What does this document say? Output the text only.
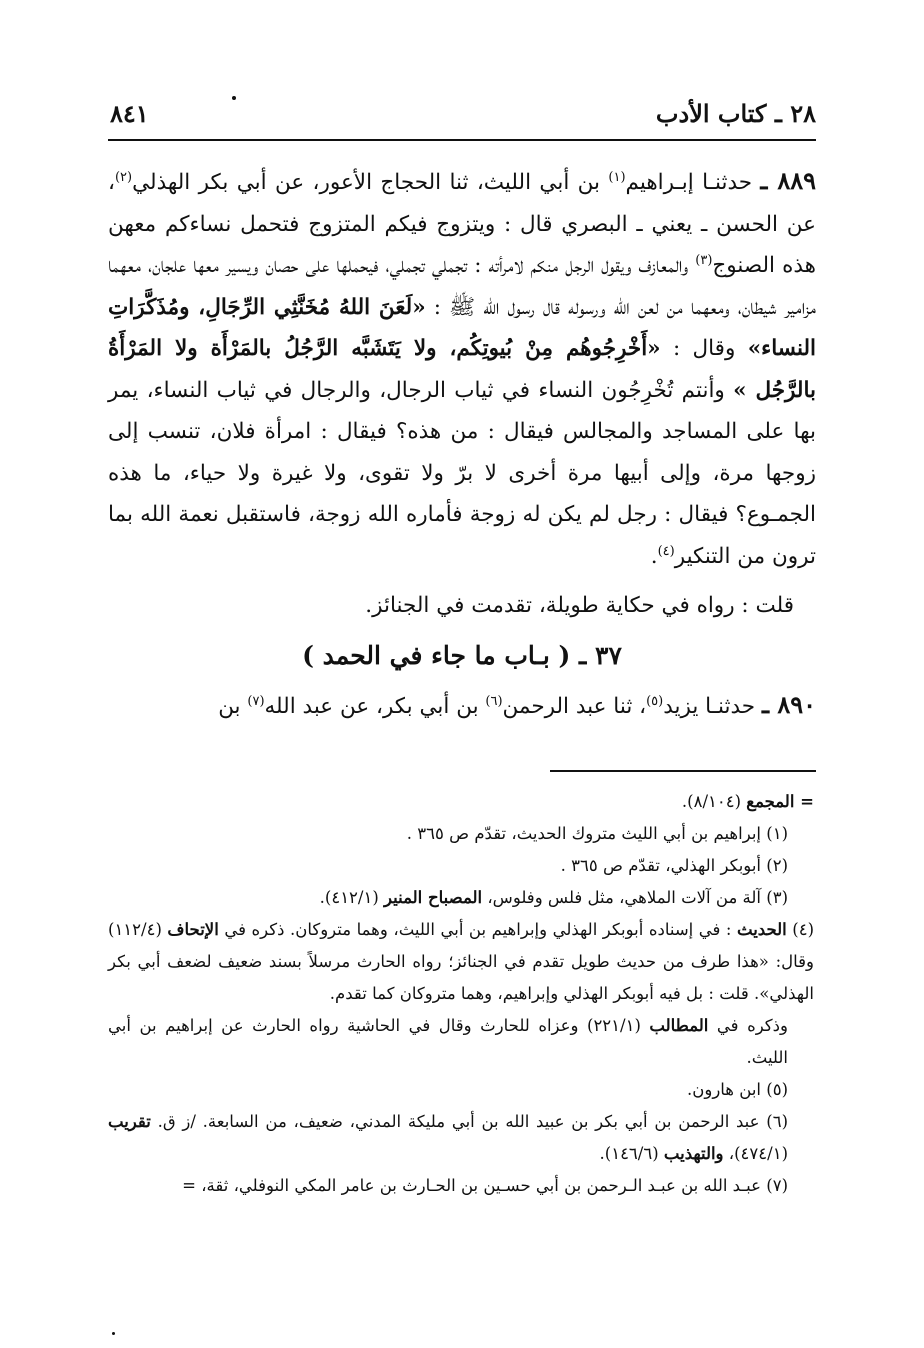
٨٤١	٢٨ ـ كتاب الأدب

٨٨٩ ـ حدثنـا إبـراهيم$^{(١)}$ بن أبي الليث، ثنا الحجاج الأعور، عن أبي بكر الهذلي$^{(٢)}$، عن الحسن ـ يعني ـ البصري قال : ويتزوج فيكم المتزوج فتحمل نساءكم معهن هذه الصنوج$^{(٣)}$ والمعازف ويقول الرجل منكم لامرأته : تجملي تجملي، فيحملها على حصان ويسير معها علجان، معهما مزامير شيطان، ومعهما من لعن الله ورسوله قال رسول الله ﷺ : «لَعَنَ اللهُ مُخَنَّثِي الرِّجَالِ، ومُذَكَّرَاتِ النساء» وقال : «أَخْرِجُوهُم مِنْ بُيوتِكُم، ولا يَتَشَبَّه الرَّجُلُ بالمَرْأَة ولا المَرْأَةُ بالرَّجُل » وأنتم تُخْرِجُون النساء في ثياب الرجال، والرجال في ثياب النساء، يمر بها على المساجد والمجالس فيقال : من هذه؟ فيقال : امرأة فلان، تنسب إلى زوجها مرة، وإلى أبيها مرة أخرى لا برّ ولا تقوى، ولا غيرة ولا حياء، ما هذه الجمـوع؟ فيقال : رجل لم يكن له زوجة فأماره الله زوجة، فاستقبل نعمة الله بما ترون من التنكير$^{(٤)}$.

قلت : رواه في حكاية طويلة، تقدمت في الجنائز.

٣٧ ـ ( بـاب ما جاء في الحمد )

٨٩٠ ـ حدثنـا يزيد$^{(٥)}$، ثنا عبد الرحمن$^{(٦)}$ بن أبي بكر، عن عبد الله$^{(٧)}$ بن

= المجمع (٨/١٠٤).

(١) إبراهيم بن أبي الليث متروك الحديث، تقدّم ص ٣٦٥ .

(٢) أبوبكر الهذلي، تقدّم ص ٣٦٥ .

(٣) آلة من آلات الملاهي، مثل فلس وفلوس، المصباح المنير (٤١٢/١).

(٤) الحديث : في إسناده أبوبكر الهذلي وإبراهيم بن أبي الليث، وهما متروكان. ذكره في الإتحاف (١١٢/٤) وقال: «هذا طرف من حديث طويل تقدم في الجنائز؛ رواه الحارث مرسلاً بسند ضعيف لضعف أبي بكر الهذلي». قلت : بل فيه أبوبكر الهذلي وإبراهيم، وهما متروكان كما تقدم.

وذكره في المطالب (٢٢١/١) وعزاه للحارث وقال في الحاشية رواه الحارث عن إبراهيم بن أبي الليث.

(٥) ابن هارون.

(٦) عبد الرحمن بن أبي بكر بن عبيد الله بن أبي مليكة المدني، ضعيف، من السابعة. /ز ق. تقريب (٤٧٤/١)، والتهذيب (١٤٦/٦).

(٧) عبـد الله بن عبـد الـرحمن بن أبي حسـين بن الحـارث بن عامر المكي النوفلي، ثقة، =
